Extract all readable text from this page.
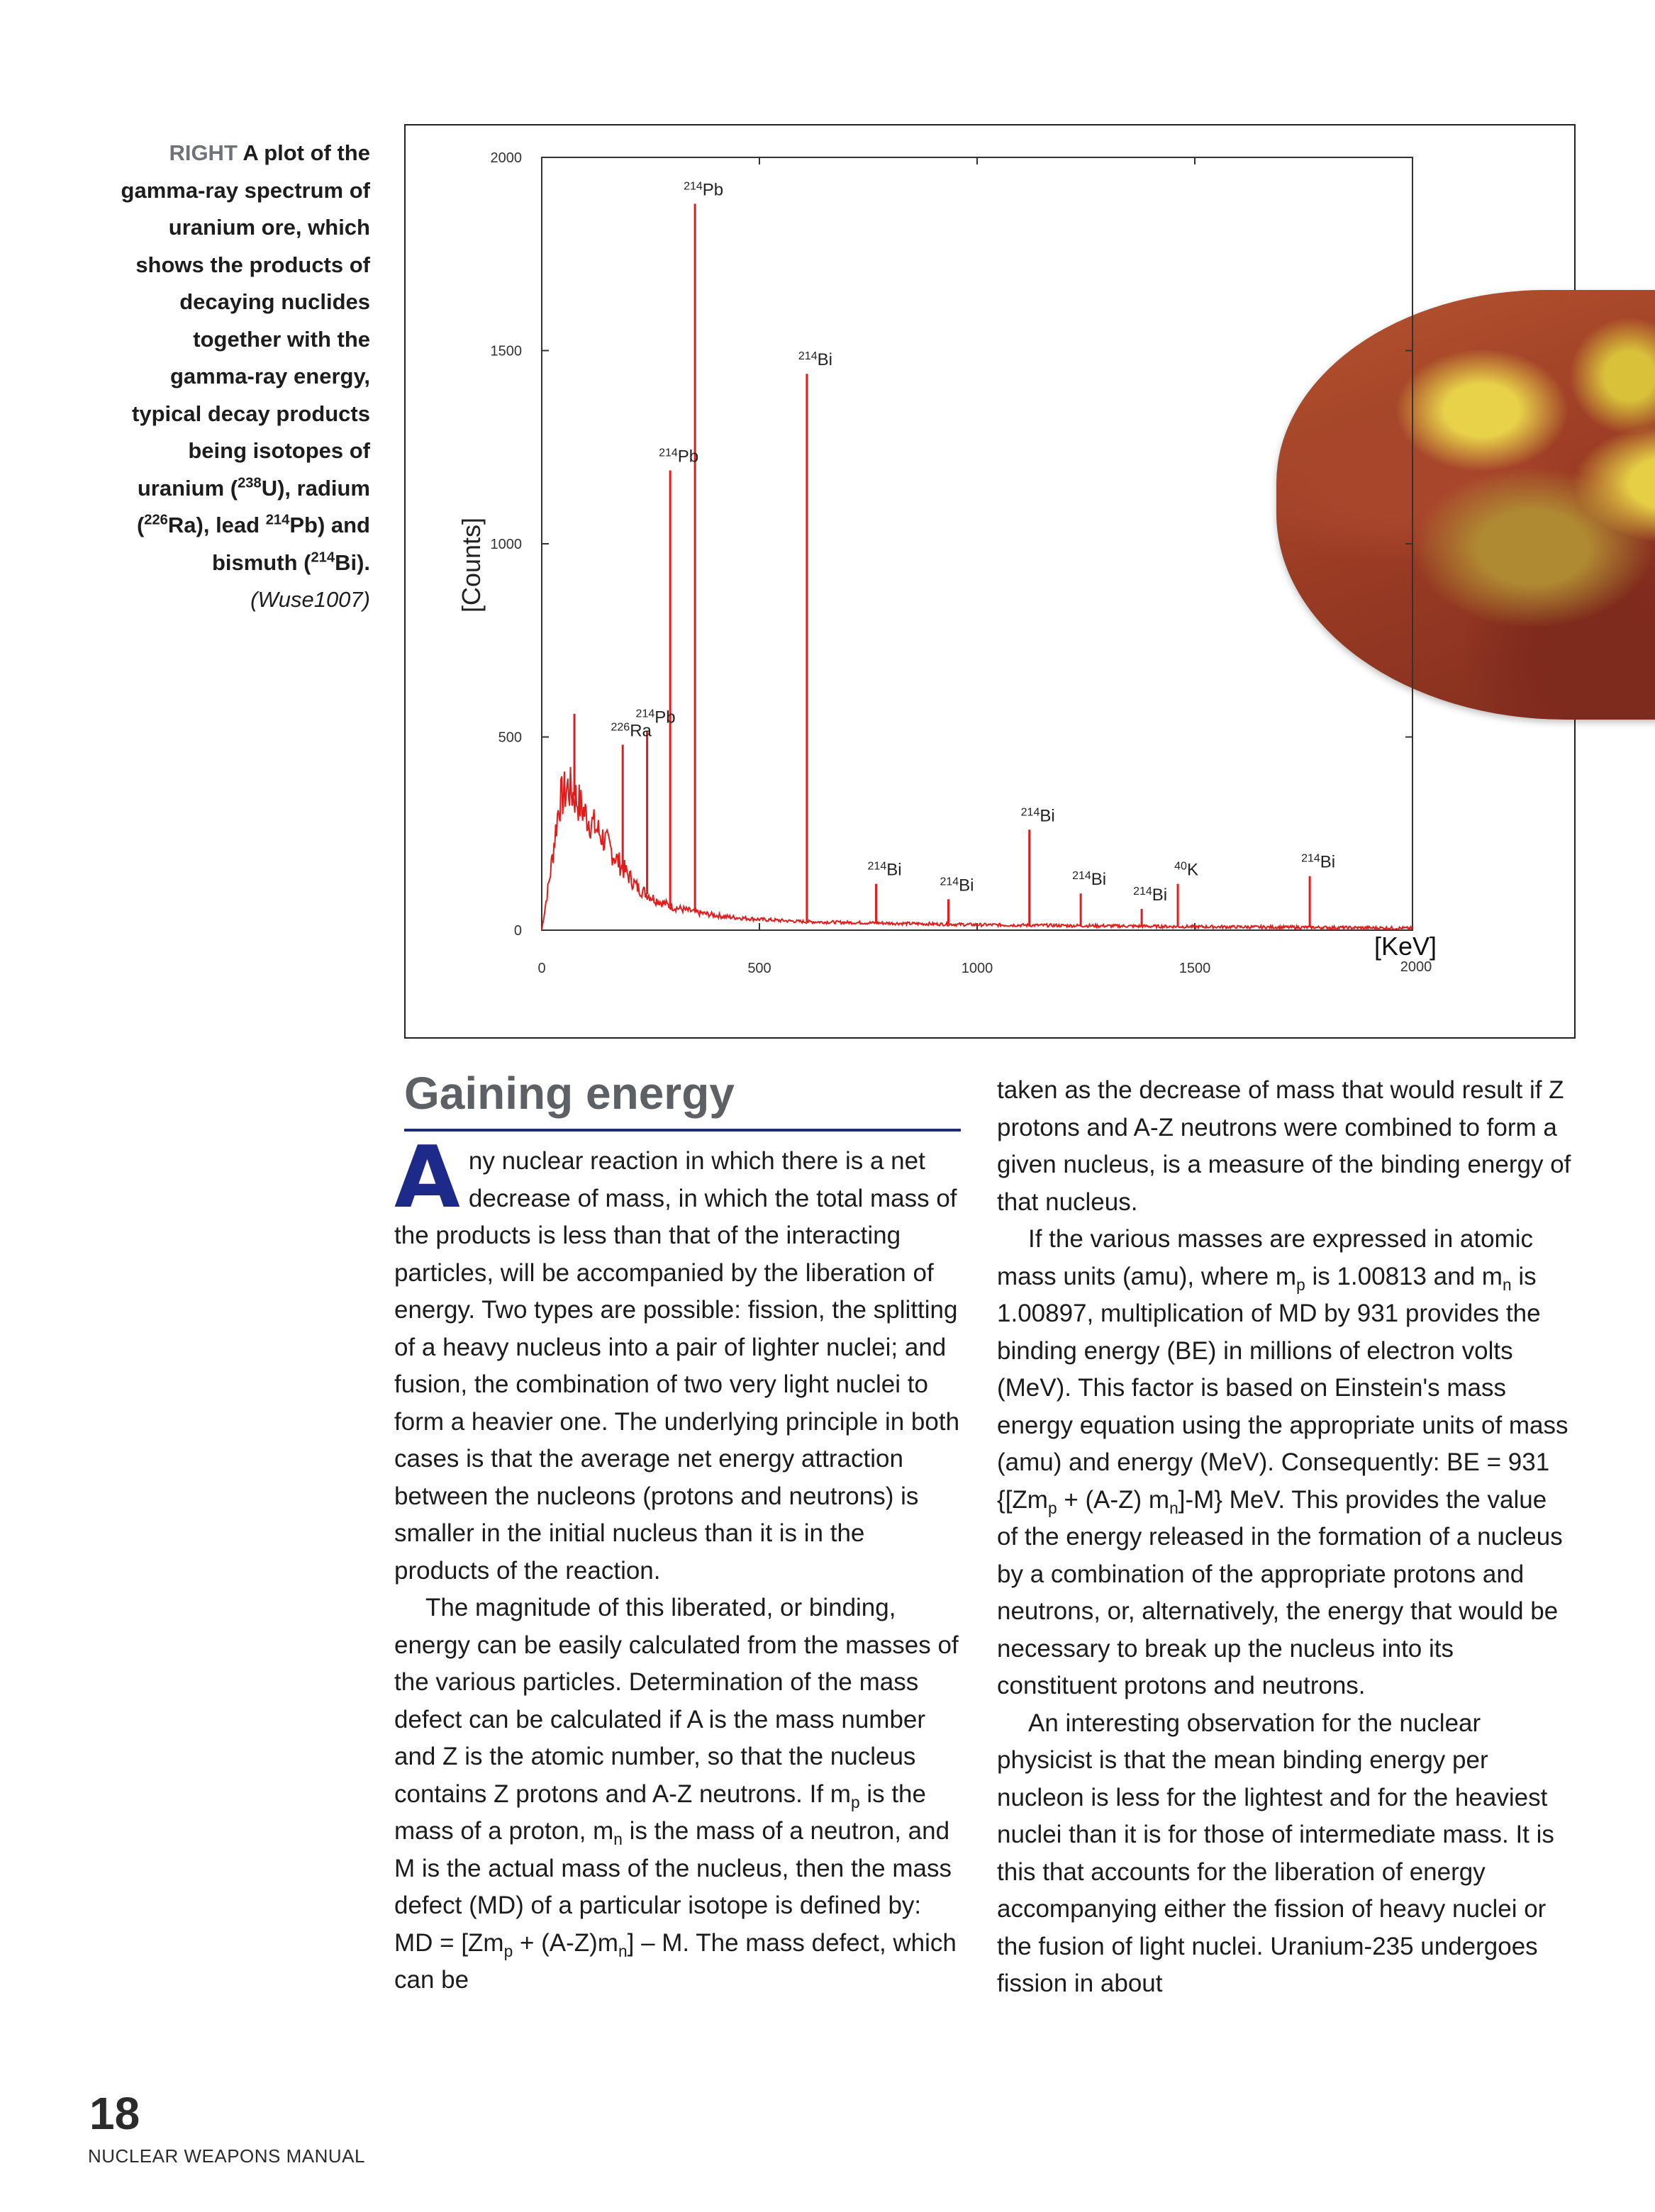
RIGHT A plot of the gamma-ray spectrum of uranium ore, which shows the products of decaying nuclides together with the gamma-ray energy, typical decay products being isotopes of uranium ($^{238}$U), radium ($^{226}$Ra), lead $^{214}$Pb) and bismuth ($^{214}$Bi).
(Wuse1007)
0
500
1000
1500
2000
0	500	1000	1500	2000
[Counts]
[KeV]
$^{226}$Ra
$^{214}$Pb
$^{214}$Pb
$^{214}$Pb
$^{214}$Bi
$^{214}$Bi
$^{214}$Bi
$^{214}$Bi
$^{214}$Bi
$^{214}$Bi
$^{40}$K
$^{214}$Bi
Gaining energy

Any nuclear reaction in which there is a net decrease of mass, in which the total mass of the products is less than that of the interacting particles, will be accompanied by the liberation of energy. Two types are possible: fission, the splitting of a heavy nucleus into a pair of lighter nuclei; and fusion, the combination of two very light nuclei to form a heavier one. The underlying principle in both cases is that the average net energy attraction between the nucleons (protons and neutrons) is smaller in the initial nucleus than it is in the products of the reaction.

The magnitude of this liberated, or binding, energy can be easily calculated from the masses of the various particles. Determination of the mass defect can be calculated if A is the mass number and Z is the atomic number, so that the nucleus contains Z protons and A-Z neutrons. If $m_p$ is the mass of a proton, $m_n$ is the mass of a neutron, and M is the actual mass of the nucleus, then the mass defect (MD) of a particular isotope is defined by: MD = $[Zm_p + (A-Z)m_n] - M$. The mass defect, which can be

taken as the decrease of mass that would result if Z protons and A-Z neutrons were combined to form a given nucleus, is a measure of the binding energy of that nucleus.

If the various masses are expressed in atomic mass units (amu), where $m_p$ is 1.00813 and $m_n$ is 1.00897, multiplication of MD by 931 provides the binding energy (BE) in millions of electron volts (MeV). This factor is based on Einstein's mass energy equation using the appropriate units of mass (amu) and energy (MeV). Consequently: BE = 931 {[$Zm_p + (A-Z)$ $m_n]-M$} MeV. This provides the value of the energy released in the formation of a nucleus by a combination of the appropriate protons and neutrons, or, alternatively, the energy that would be necessary to break up the nucleus into its constituent protons and neutrons.

An interesting observation for the nuclear physicist is that the mean binding energy per nucleon is less for the lightest and for the heaviest nuclei than it is for those of intermediate mass. It is this that accounts for the liberation of energy accompanying either the fission of heavy nuclei or the fusion of light nuclei. Uranium-235 undergoes fission in about

18
NUCLEAR WEAPONS MANUAL
